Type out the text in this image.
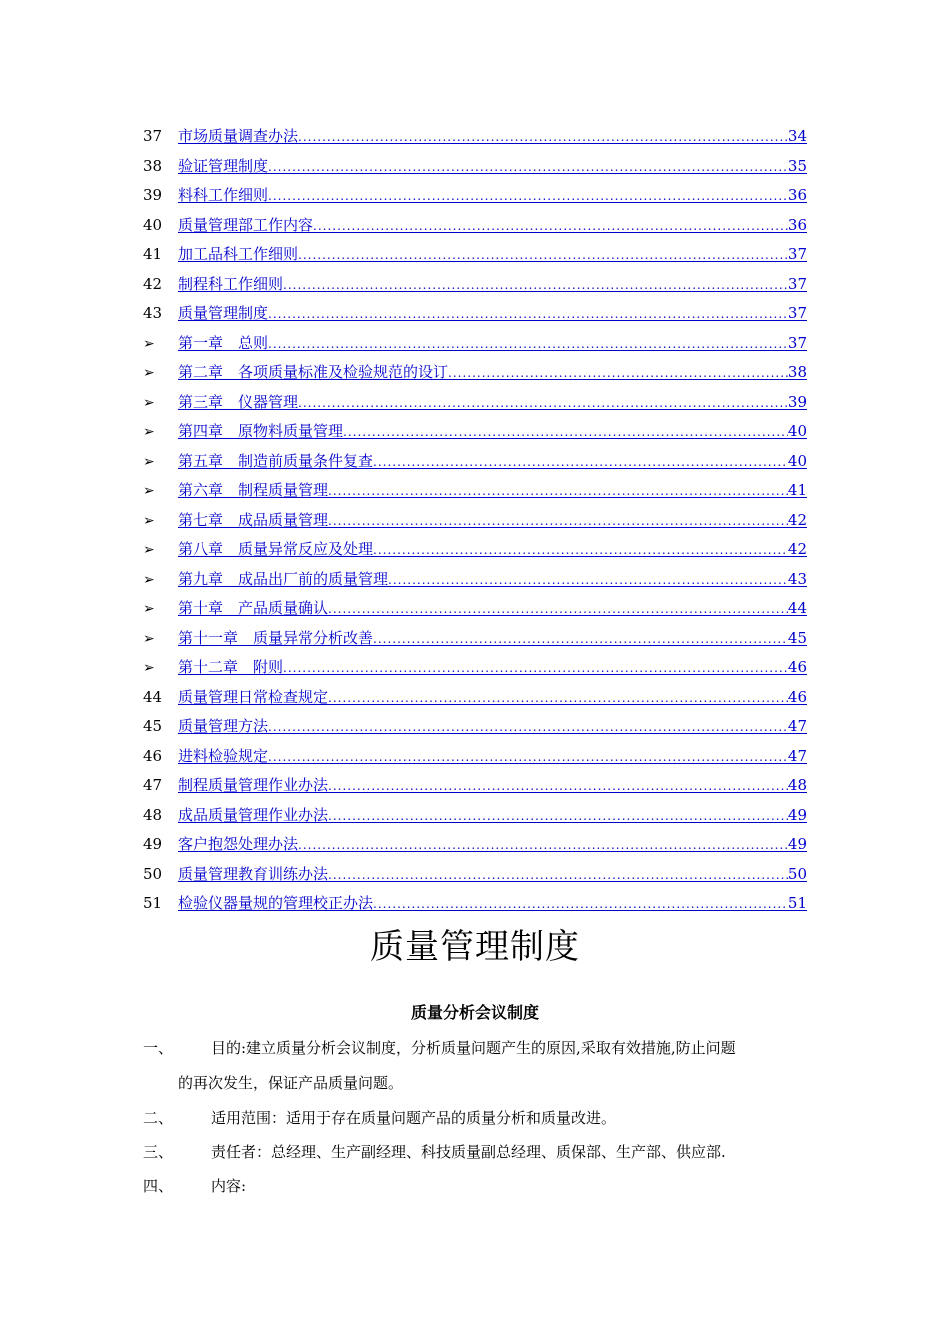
37	市场质量调查办法 .....	34
38	验证管理制度 .....	35
39	料科工作细则 .....	36
40	质量管理部工作内容 .....	36
41	加工品科工作细则 .....	37
42	制程科工作细则 .....	37
43	质量管理制度 .....	37
➢	第一章　总则 .....	37
➢	第二章　各项质量标准及检验规范的设订 .....	38
➢	第三章　仪器管理 .....	39
➢	第四章　原物料质量管理 .....	40
➢	第五章　制造前质量条件复查 .....	40
➢	第六章　制程质量管理 .....	41
➢	第七章　成品质量管理 .....	42
➢	第八章　质量异常反应及处理 .....	42
➢	第九章　成品出厂前的质量管理 .....	43
➢	第十章　产品质量确认 .....	44
➢	第十一章　质量异常分析改善 .....	45
➢	第十二章　附则 .....	46
44	质量管理日常检查规定 .....	46
45	质量管理方法 .....	47
46	进料检验规定 .....	47
47	制程质量管理作业办法 .....	48
48	成品质量管理作业办法 .....	49
49	客户抱怨处理办法 .....	49
50	质量管理教育训练办法 .....	50
51	检验仪器量规的管理校正办法 .....	51
质量管理制度
质量分析会议制度
一、	目的:建立质量分析会议制度，分析质量问题产生的原因,采取有效措施,防止问题
的再次发生，保证产品质量问题。
二、	适用范围：适用于存在质量问题产品的质量分析和质量改进。
三、	责任者：总经理、生产副经理、科技质量副总经理、质保部、生产部、供应部.
四、	内容:
